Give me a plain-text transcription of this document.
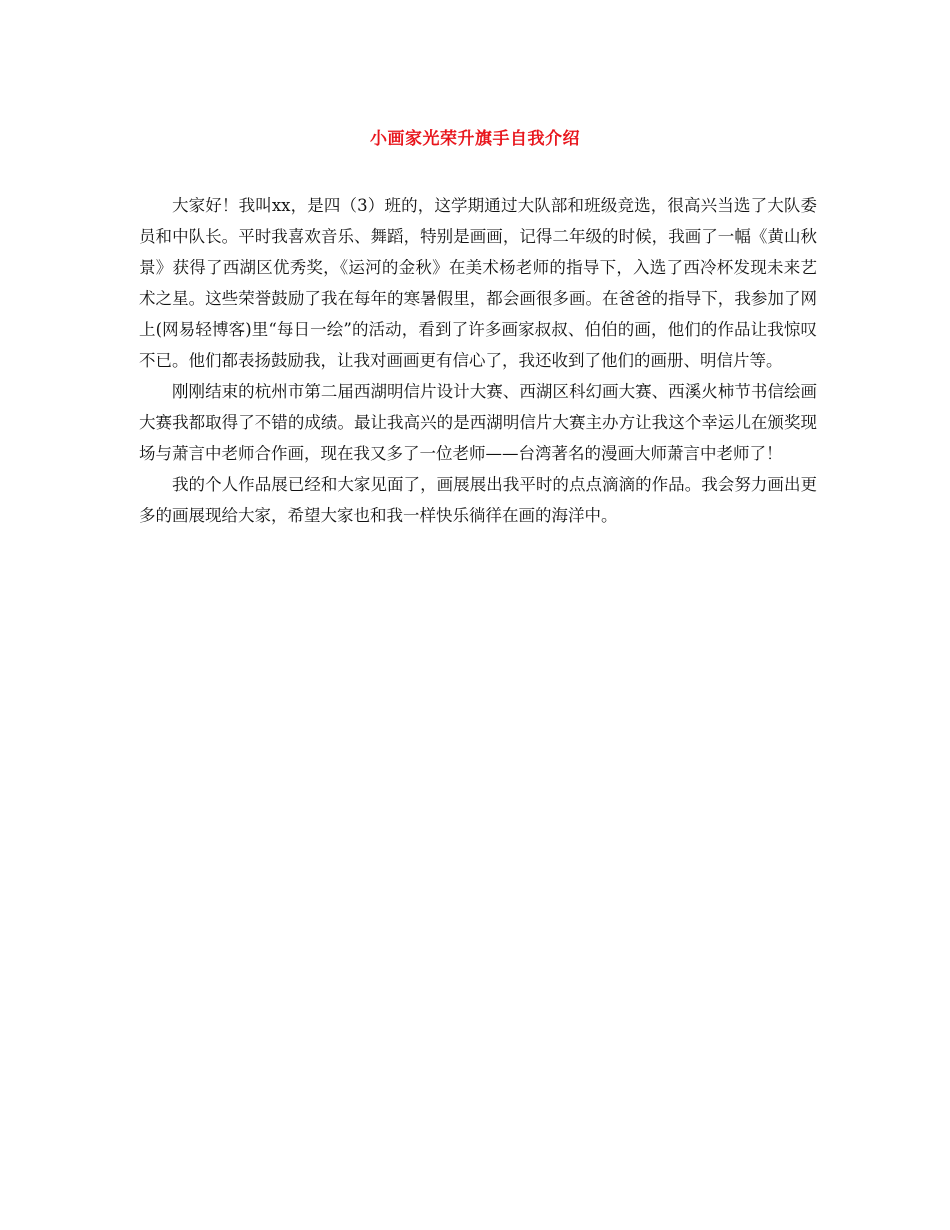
小画家光荣升旗手自我介绍

大家好！我叫xx，是四（3）班的，这学期通过大队部和班级竞选，很高兴当选了大队委员和中队长。平时我喜欢音乐、舞蹈，特别是画画，记得二年级的时候，我画了一幅《黄山秋景》获得了西湖区优秀奖，《运河的金秋》在美术杨老师的指导下，入选了西冷杯发现未来艺术之星。这些荣誉鼓励了我在每年的寒暑假里，都会画很多画。在爸爸的指导下，我参加了网上(网易轻博客)里“每日一绘”的活动，看到了许多画家叔叔、伯伯的画，他们的作品让我惊叹不已。他们都表扬鼓励我，让我对画画更有信心了，我还收到了他们的画册、明信片等。

刚刚结束的杭州市第二届西湖明信片设计大赛、西湖区科幻画大赛、西溪火柿节书信绘画大赛我都取得了不错的成绩。最让我高兴的是西湖明信片大赛主办方让我这个幸运儿在颁奖现场与萧言中老师合作画，现在我又多了一位老师——台湾著名的漫画大师萧言中老师了！

我的个人作品展已经和大家见面了，画展展出我平时的点点滴滴的作品。我会努力画出更多的画展现给大家，希望大家也和我一样快乐徜徉在画的海洋中。
